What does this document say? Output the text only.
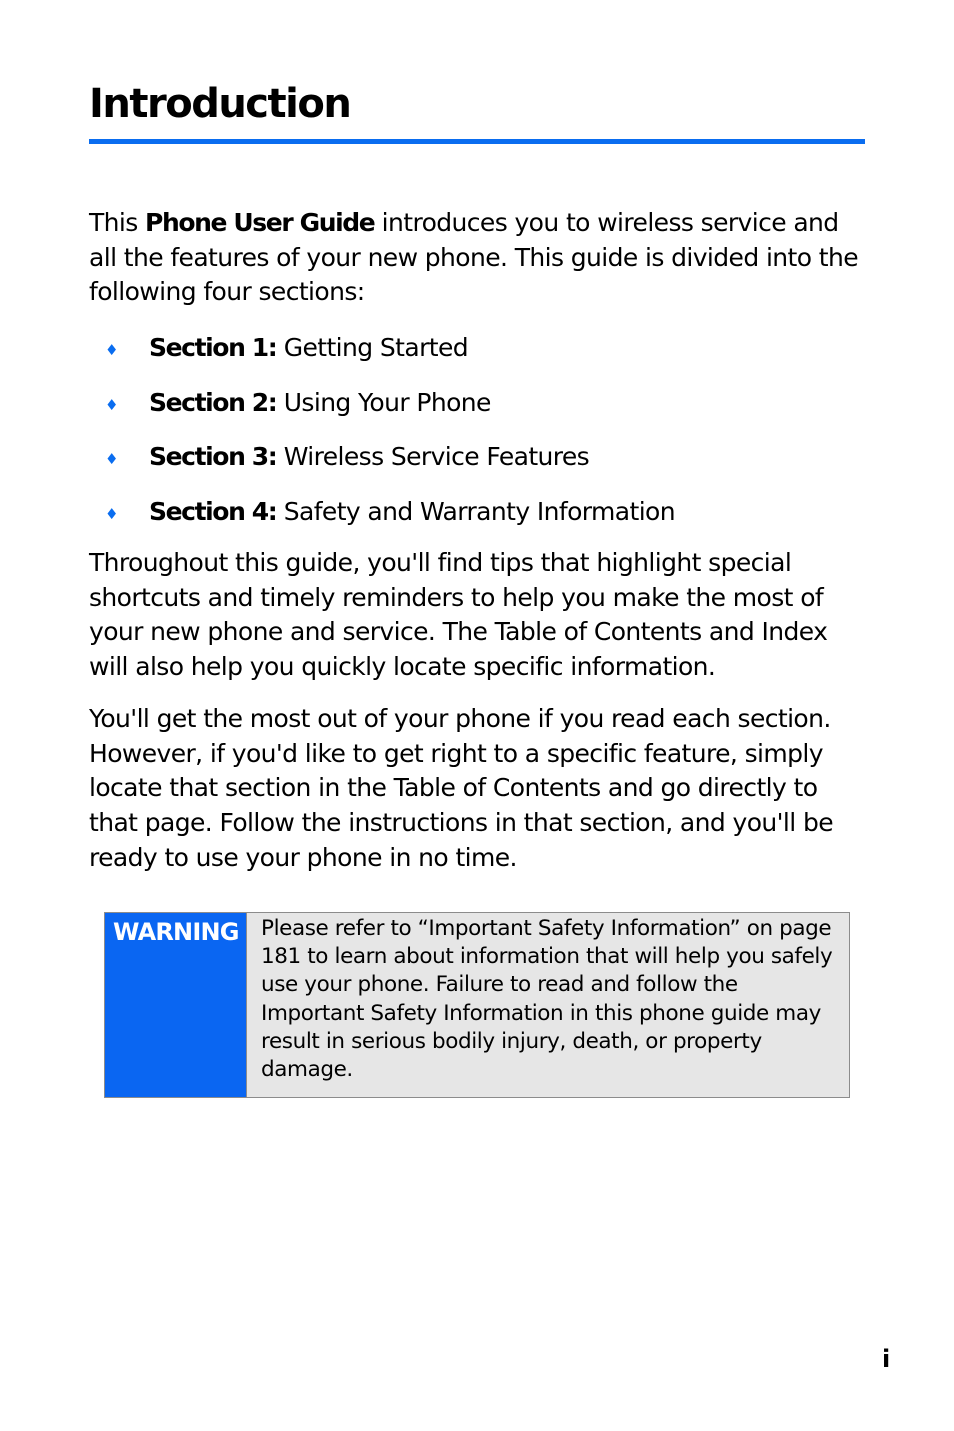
Introduction

This Phone User Guide introduces you to wireless service and all the features of your new phone. This guide is divided into the following four sections:

♦ Section 1: Getting Started
♦ Section 2: Using Your Phone
♦ Section 3: Wireless Service Features
♦ Section 4: Safety and Warranty Information

Throughout this guide, you'll find tips that highlight special shortcuts and timely reminders to help you make the most of your new phone and service. The Table of Contents and Index will also help you quickly locate specific information.

You'll get the most out of your phone if you read each section. However, if you'd like to get right to a specific feature, simply locate that section in the Table of Contents and go directly to that page. Follow the instructions in that section, and you'll be ready to use your phone in no time.

WARNING	Please refer to “Important Safety Information” on page 181 to learn about information that will help you safely use your phone. Failure to read and follow the Important Safety Information in this phone guide may result in serious bodily injury, death, or property damage.
i
